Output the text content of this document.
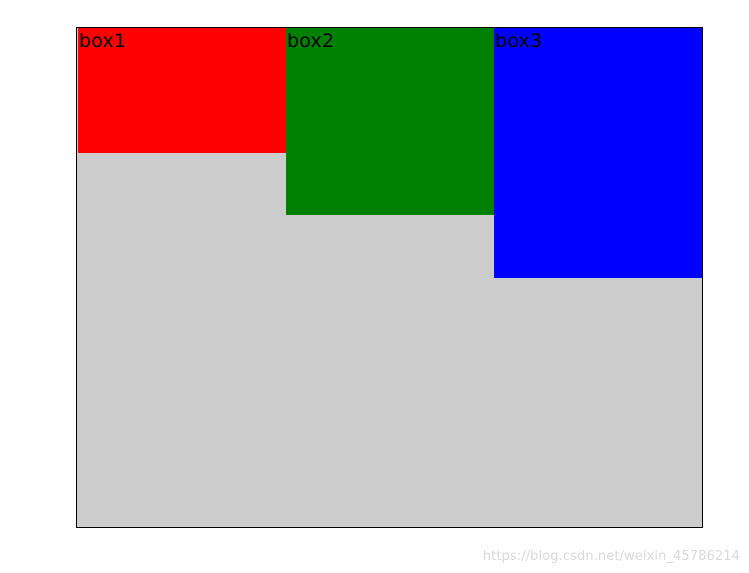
box1	box2	box3
https://blog.csdn.net/weixin_45786214
